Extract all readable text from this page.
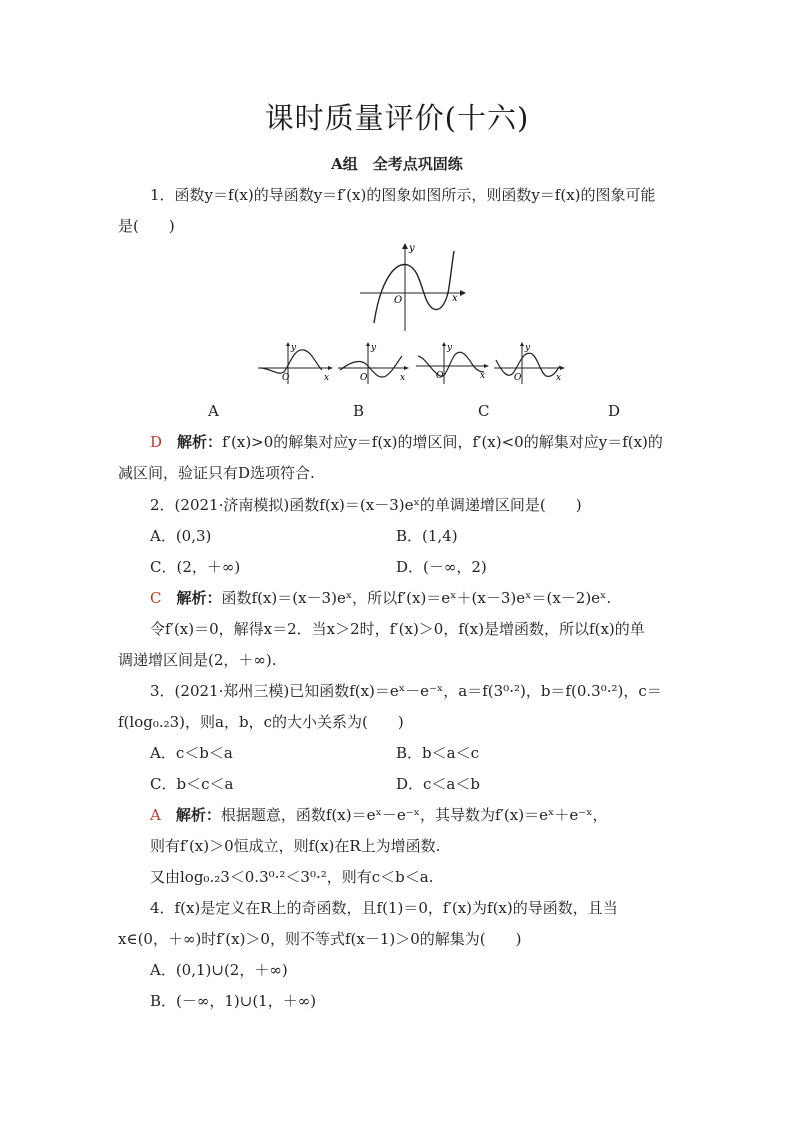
课时质量评价(十六)
A组　全考点巩固练
1．函数y＝f(x)的导函数y＝f′(x)的图象如图所示，则函数y＝f(x)的图象可能
是(　　)
y
x
O
y
x
O
y
x
O
y
x
O
y
x
O
A	B	C	D
D　 解析：f′(x)>0的解集对应y＝f(x)的增区间，f′(x)<0的解集对应y＝f(x)的
减区间，验证只有D选项符合.
2．(2021·济南模拟)函数f(x)＝(x－3)eˣ的单调递增区间是(　　)
A．(0,3)	B．(1,4)
C．(2，＋∞)	D．(－∞，2)
C　 解析：函数f(x)＝(x－3)eˣ，所以f′(x)＝eˣ＋(x－3)eˣ＝(x－2)eˣ.
令f′(x)＝0，解得x＝2．当x＞2时，f′(x)＞0，f(x)是增函数，所以f(x)的单
调递增区间是(2，＋∞).
3．(2021·郑州三模)已知函数f(x)＝eˣ－e⁻ˣ，a＝f(3⁰·²)，b＝f(0.3⁰·²)，c＝
f(log₀.₂3)，则a，b，c的大小关系为(　　)
A．c＜b＜a	B．b＜a＜c
C．b＜c＜a	D．c＜a＜b
A　 解析：根据题意，函数f(x)＝eˣ－e⁻ˣ，其导数为f′(x)＝eˣ＋e⁻ˣ，
则有f′(x)＞0恒成立，则f(x)在R上为增函数.
又由log₀.₂3＜0.3⁰·²＜3⁰·²，则有c＜b＜a.
4．f(x)是定义在R上的奇函数，且f(1)＝0，f′(x)为f(x)的导函数，且当
x∈(0，＋∞)时f′(x)＞0，则不等式f(x－1)＞0的解集为(　　)
A．(0,1)∪(2，＋∞)
B．(－∞，1)∪(1，＋∞)
